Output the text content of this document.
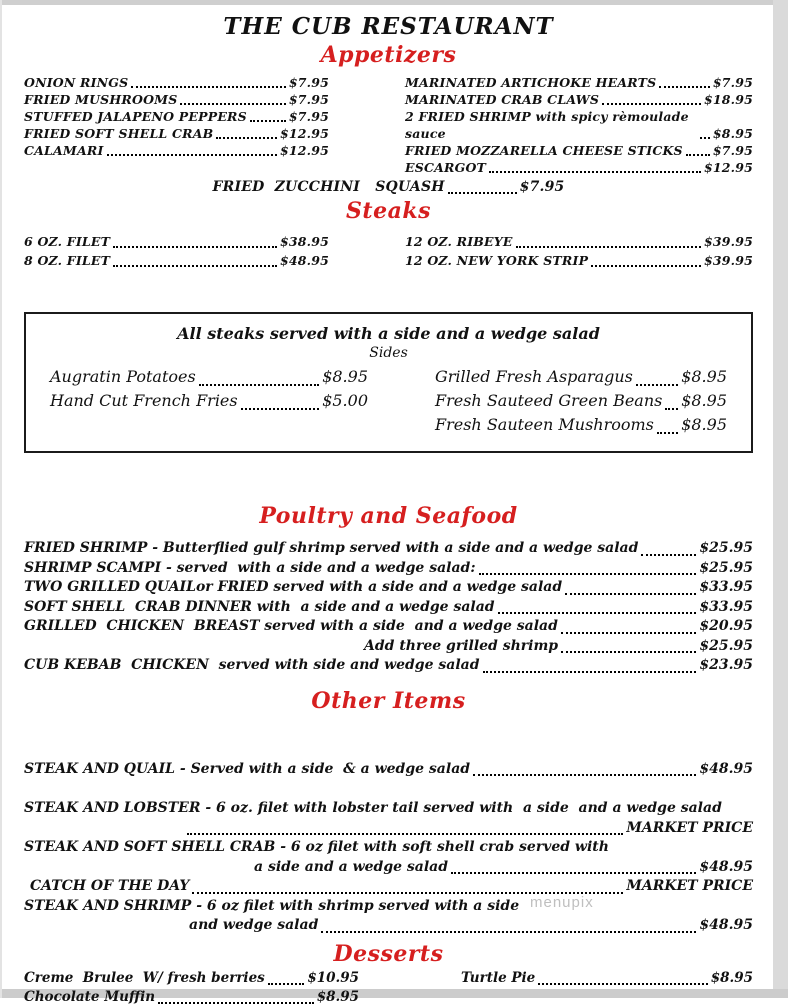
THE CUB RESTAURANT
Appetizers
ONION RINGS	$7.95
FRIED MUSHROOMS	$7.95
STUFFED JALAPENO PEPPERS	$7.95
FRIED SOFT SHELL CRAB	$12.95
CALAMARI	$12.95
MARINATED ARTICHOKE HEARTS	$7.95
MARINATED CRAB CLAWS	$18.95
2 FRIED SHRIMP with spicy rèmoulade sauce	$8.95
FRIED MOZZARELLA CHEESE STICKS $7.95
ESCARGOT	$12.95
FRIED  ZUCCHINI   SQUASH	$7.95
Steaks
6 OZ. FILET	$38.95
8 OZ. FILET	$48.95
12 OZ. RIBEYE	$39.95
12 OZ. NEW YORK STRIP	$39.95
All steaks served with a side and a wedge salad
Sides
Augratin Potatoes	$8.95
Hand Cut French Fries	$5.00
Grilled Fresh Asparagus	$8.95
Fresh Sauteed Green Beans $8.95
Fresh Sauteen Mushrooms $8.95
Poultry and Seafood
FRIED SHRIMP - Butterflied gulf shrimp served with a side and a wedge salad	$25.95
SHRIMP SCAMPI - served  with a side and a wedge salad:	$25.95
TWO GRILLED QUAILor FRIED served with a side and a wedge salad	$33.95
SOFT SHELL  CRAB DINNER with  a side and a wedge salad	$33.95
GRILLED  CHICKEN  BREAST served with a side  and a wedge salad	$20.95
Add three grilled shrimp	$25.95
CUB KEBAB  CHICKEN  served with side and wedge salad	$23.95
Other Items
STEAK AND QUAIL - Served with a side  & a wedge salad	$48.95
STEAK AND LOBSTER - 6 oz. filet with lobster tail served with  a side  and a wedge salad
MARKET PRICE
STEAK AND SOFT SHELL CRAB - 6 oz filet with soft shell crab served with
a side and a wedge salad	$48.95
CATCH OF THE DAY	MARKET PRICE
STEAK AND SHRIMP - 6 oz filet with shrimp served with a side
and wedge salad	$48.95
Desserts
Creme  Brulee  W/ fresh berries	$10.95
Chocolate Muffin	$8.95
Turtle Pie	$8.95
menupix
